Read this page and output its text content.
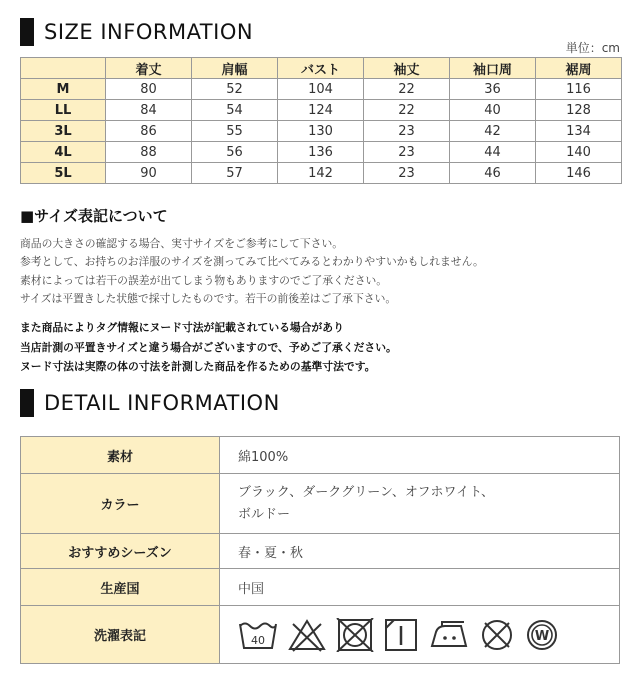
SIZE INFORMATION
単位：cm
	着丈	肩幅	バスト	袖丈	袖口周	裾周
M	80	52	104	22	36	116
LL	84	54	124	22	40	128
3L	86	55	130	23	42	134
4L	88	56	136	23	44	140
5L	90	57	142	23	46	146
■サイズ表記について
商品の大きさの確認する場合、実寸サイズをご参考にして下さい。
参考として、お持ちのお洋服のサイズを測ってみて比べてみるとわかりやすいかもしれません。
素材によっては若干の誤差が出てしまう物もありますのでご了承ください。
サイズは平置きした状態で採寸したものです。若干の前後差はご了承下さい。
また商品によりタグ情報にヌード寸法が記載されている場合があり
当店計測の平置きサイズと違う場合がございますので、予めご了承ください。
ヌード寸法は実際の体の寸法を計測した商品を作るための基準寸法です。
DETAIL INFORMATION
素材	綿100%
カラー	ブラック、ダークグリーン、オフホワイト、
ボルドー

おすすめシーズン	春・夏・秋
生産国	中国
洗濯表記	40 W
